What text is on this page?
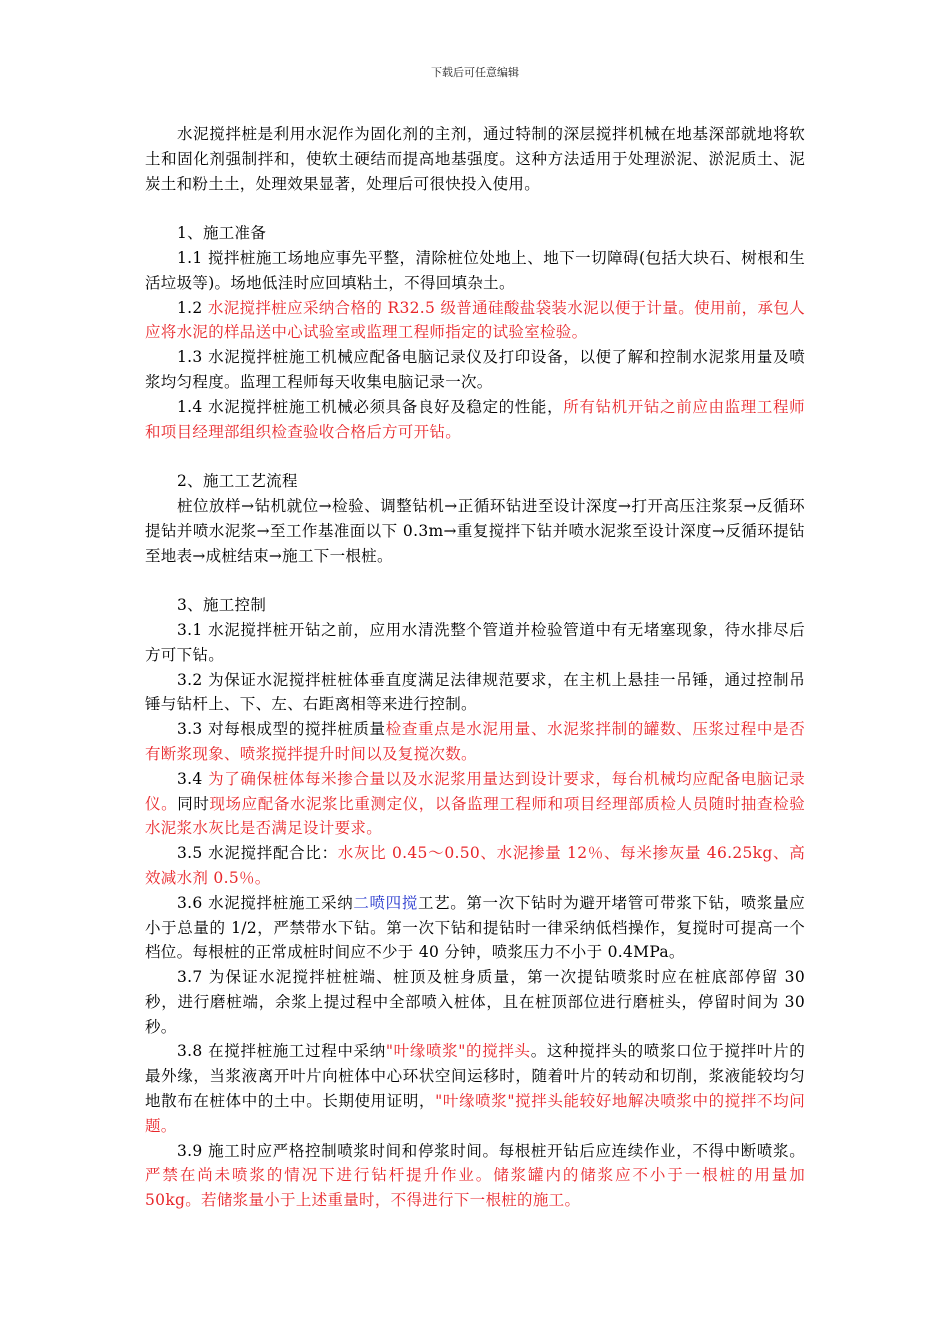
下载后可任意编辑

水泥搅拌桩是利用水泥作为固化剂的主剂，通过特制的深层搅拌机械在地基深部就地将软土和固化剂强制拌和，使软土硬结而提高地基强度。这种方法适用于处理淤泥、淤泥质土、泥炭土和粉土土，处理效果显著，处理后可很快投入使用。

1、施工准备

1.1 搅拌桩施工场地应事先平整，清除桩位处地上、地下一切障碍(包括大块石、树根和生活垃圾等)。场地低洼时应回填粘土，不得回填杂土。

1.2 水泥搅拌桩应采纳合格的 R32.5 级普通硅酸盐袋装水泥以便于计量。使用前，承包人应将水泥的样品送中心试验室或监理工程师指定的试验室检验。

1.3 水泥搅拌桩施工机械应配备电脑记录仪及打印设备，以便了解和控制水泥浆用量及喷浆均匀程度。监理工程师每天收集电脑记录一次。

1.4 水泥搅拌桩施工机械必须具备良好及稳定的性能，所有钻机开钻之前应由监理工程师和项目经理部组织检查验收合格后方可开钻。

2、施工工艺流程

桩位放样→钻机就位→检验、调整钻机→正循环钻进至设计深度→打开高压注浆泵→反循环提钻并喷水泥浆→至工作基准面以下 0.3m→重复搅拌下钻并喷水泥浆至设计深度→反循环提钻至地表→成桩结束→施工下一根桩。

3、施工控制

3.1 水泥搅拌桩开钻之前，应用水清洗整个管道并检验管道中有无堵塞现象，待水排尽后方可下钻。

3.2 为保证水泥搅拌桩桩体垂直度满足法律规范要求，在主机上悬挂一吊锤，通过控制吊锤与钻杆上、下、左、右距离相等来进行控制。

3.3 对每根成型的搅拌桩质量检查重点是水泥用量、水泥浆拌制的罐数、压浆过程中是否有断浆现象、喷浆搅拌提升时间以及复搅次数。

3.4 为了确保桩体每米掺合量以及水泥浆用量达到设计要求，每台机械均应配备电脑记录仪。同时现场应配备水泥浆比重测定仪，以备监理工程师和项目经理部质检人员随时抽查检验水泥浆水灰比是否满足设计要求。

3.5 水泥搅拌配合比：水灰比 0.45～0.50、水泥掺量 12％、每米掺灰量 46.25kg、高效减水剂 0.5％。

3.6 水泥搅拌桩施工采纳二喷四搅工艺。第一次下钻时为避开堵管可带浆下钻，喷浆量应小于总量的 1/2，严禁带水下钻。第一次下钻和提钻时一律采纳低档操作，复搅时可提高一个档位。每根桩的正常成桩时间应不少于 40 分钟，喷浆压力不小于 0.4MPa。

3.7 为保证水泥搅拌桩桩端、桩顶及桩身质量，第一次提钻喷浆时应在桩底部停留 30 秒，进行磨桩端，余浆上提过程中全部喷入桩体，且在桩顶部位进行磨桩头，停留时间为 30 秒。

3.8 在搅拌桩施工过程中采纳"叶缘喷浆"的搅拌头。这种搅拌头的喷浆口位于搅拌叶片的最外缘，当浆液离开叶片向桩体中心环状空间运移时，随着叶片的转动和切削，浆液能较均匀地散布在桩体中的土中。长期使用证明，"叶缘喷浆"搅拌头能较好地解决喷浆中的搅拌不均问题。

3.9 施工时应严格控制喷浆时间和停浆时间。每根桩开钻后应连续作业，不得中断喷浆。严禁在尚未喷浆的情况下进行钻杆提升作业。储浆罐内的储浆应不小于一根桩的用量加 50kg。若储浆量小于上述重量时，不得进行下一根桩的施工。
